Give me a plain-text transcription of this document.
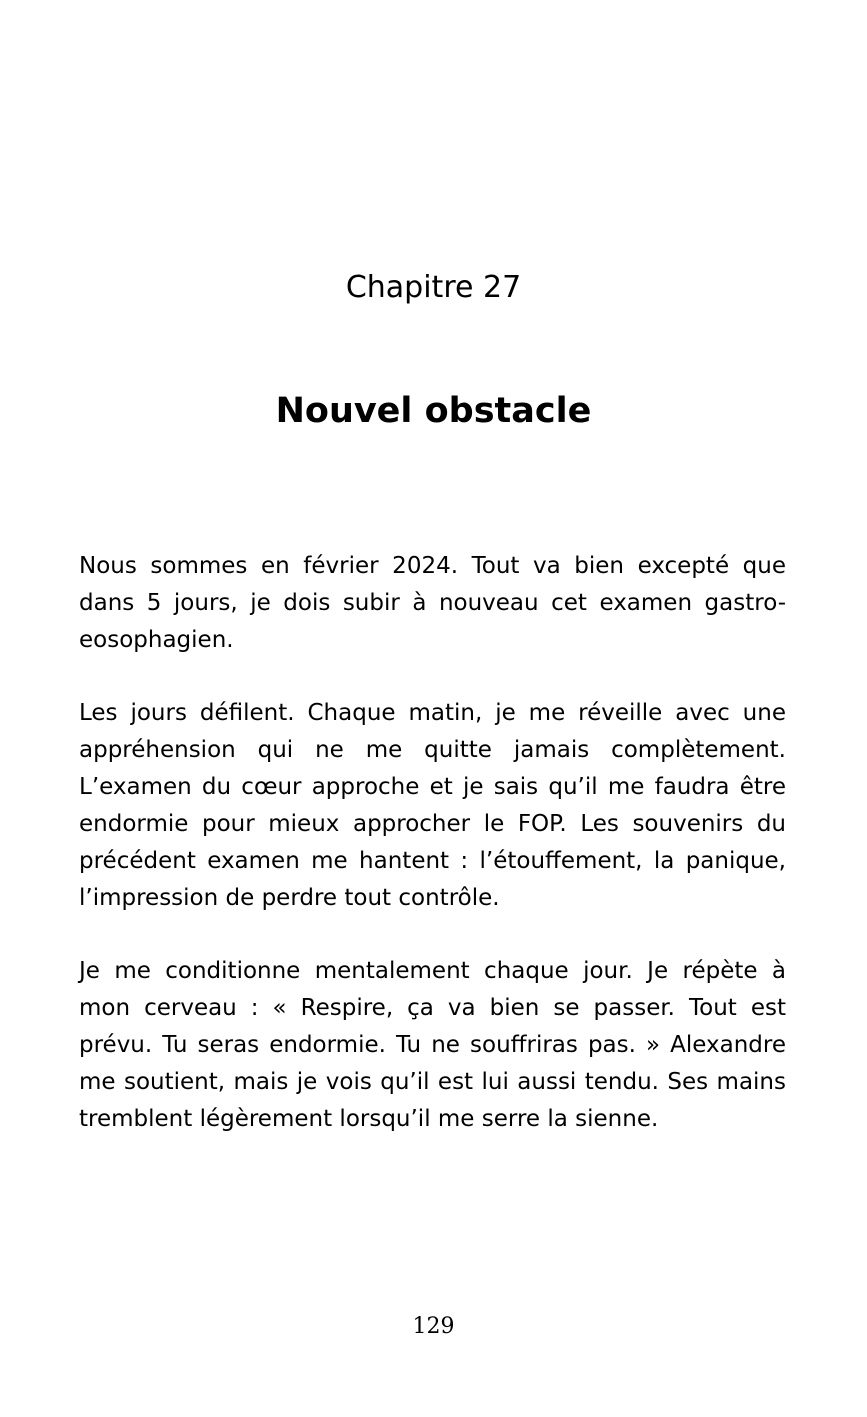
Chapitre 27
Nouvel obstacle

Nous sommes en février 2024. Tout va bien excepté que dans 5 jours, je dois subir à nouveau cet examen gastro-eosophagien.

Les jours défilent. Chaque matin, je me réveille avec une appréhension qui ne me quitte jamais complètement. L’examen du cœur approche et je sais qu’il me faudra être endormie pour mieux approcher le FOP. Les souvenirs du précédent examen me hantent : l’étouffement, la panique, l’impression de perdre tout contrôle.

Je me conditionne mentalement chaque jour. Je répète à mon cerveau : « Respire, ça va bien se passer. Tout est prévu. Tu seras endormie. Tu ne souffriras pas. » Alexandre me soutient, mais je vois qu’il est lui aussi tendu. Ses mains tremblent légèrement lorsqu’il me serre la sienne.

129
